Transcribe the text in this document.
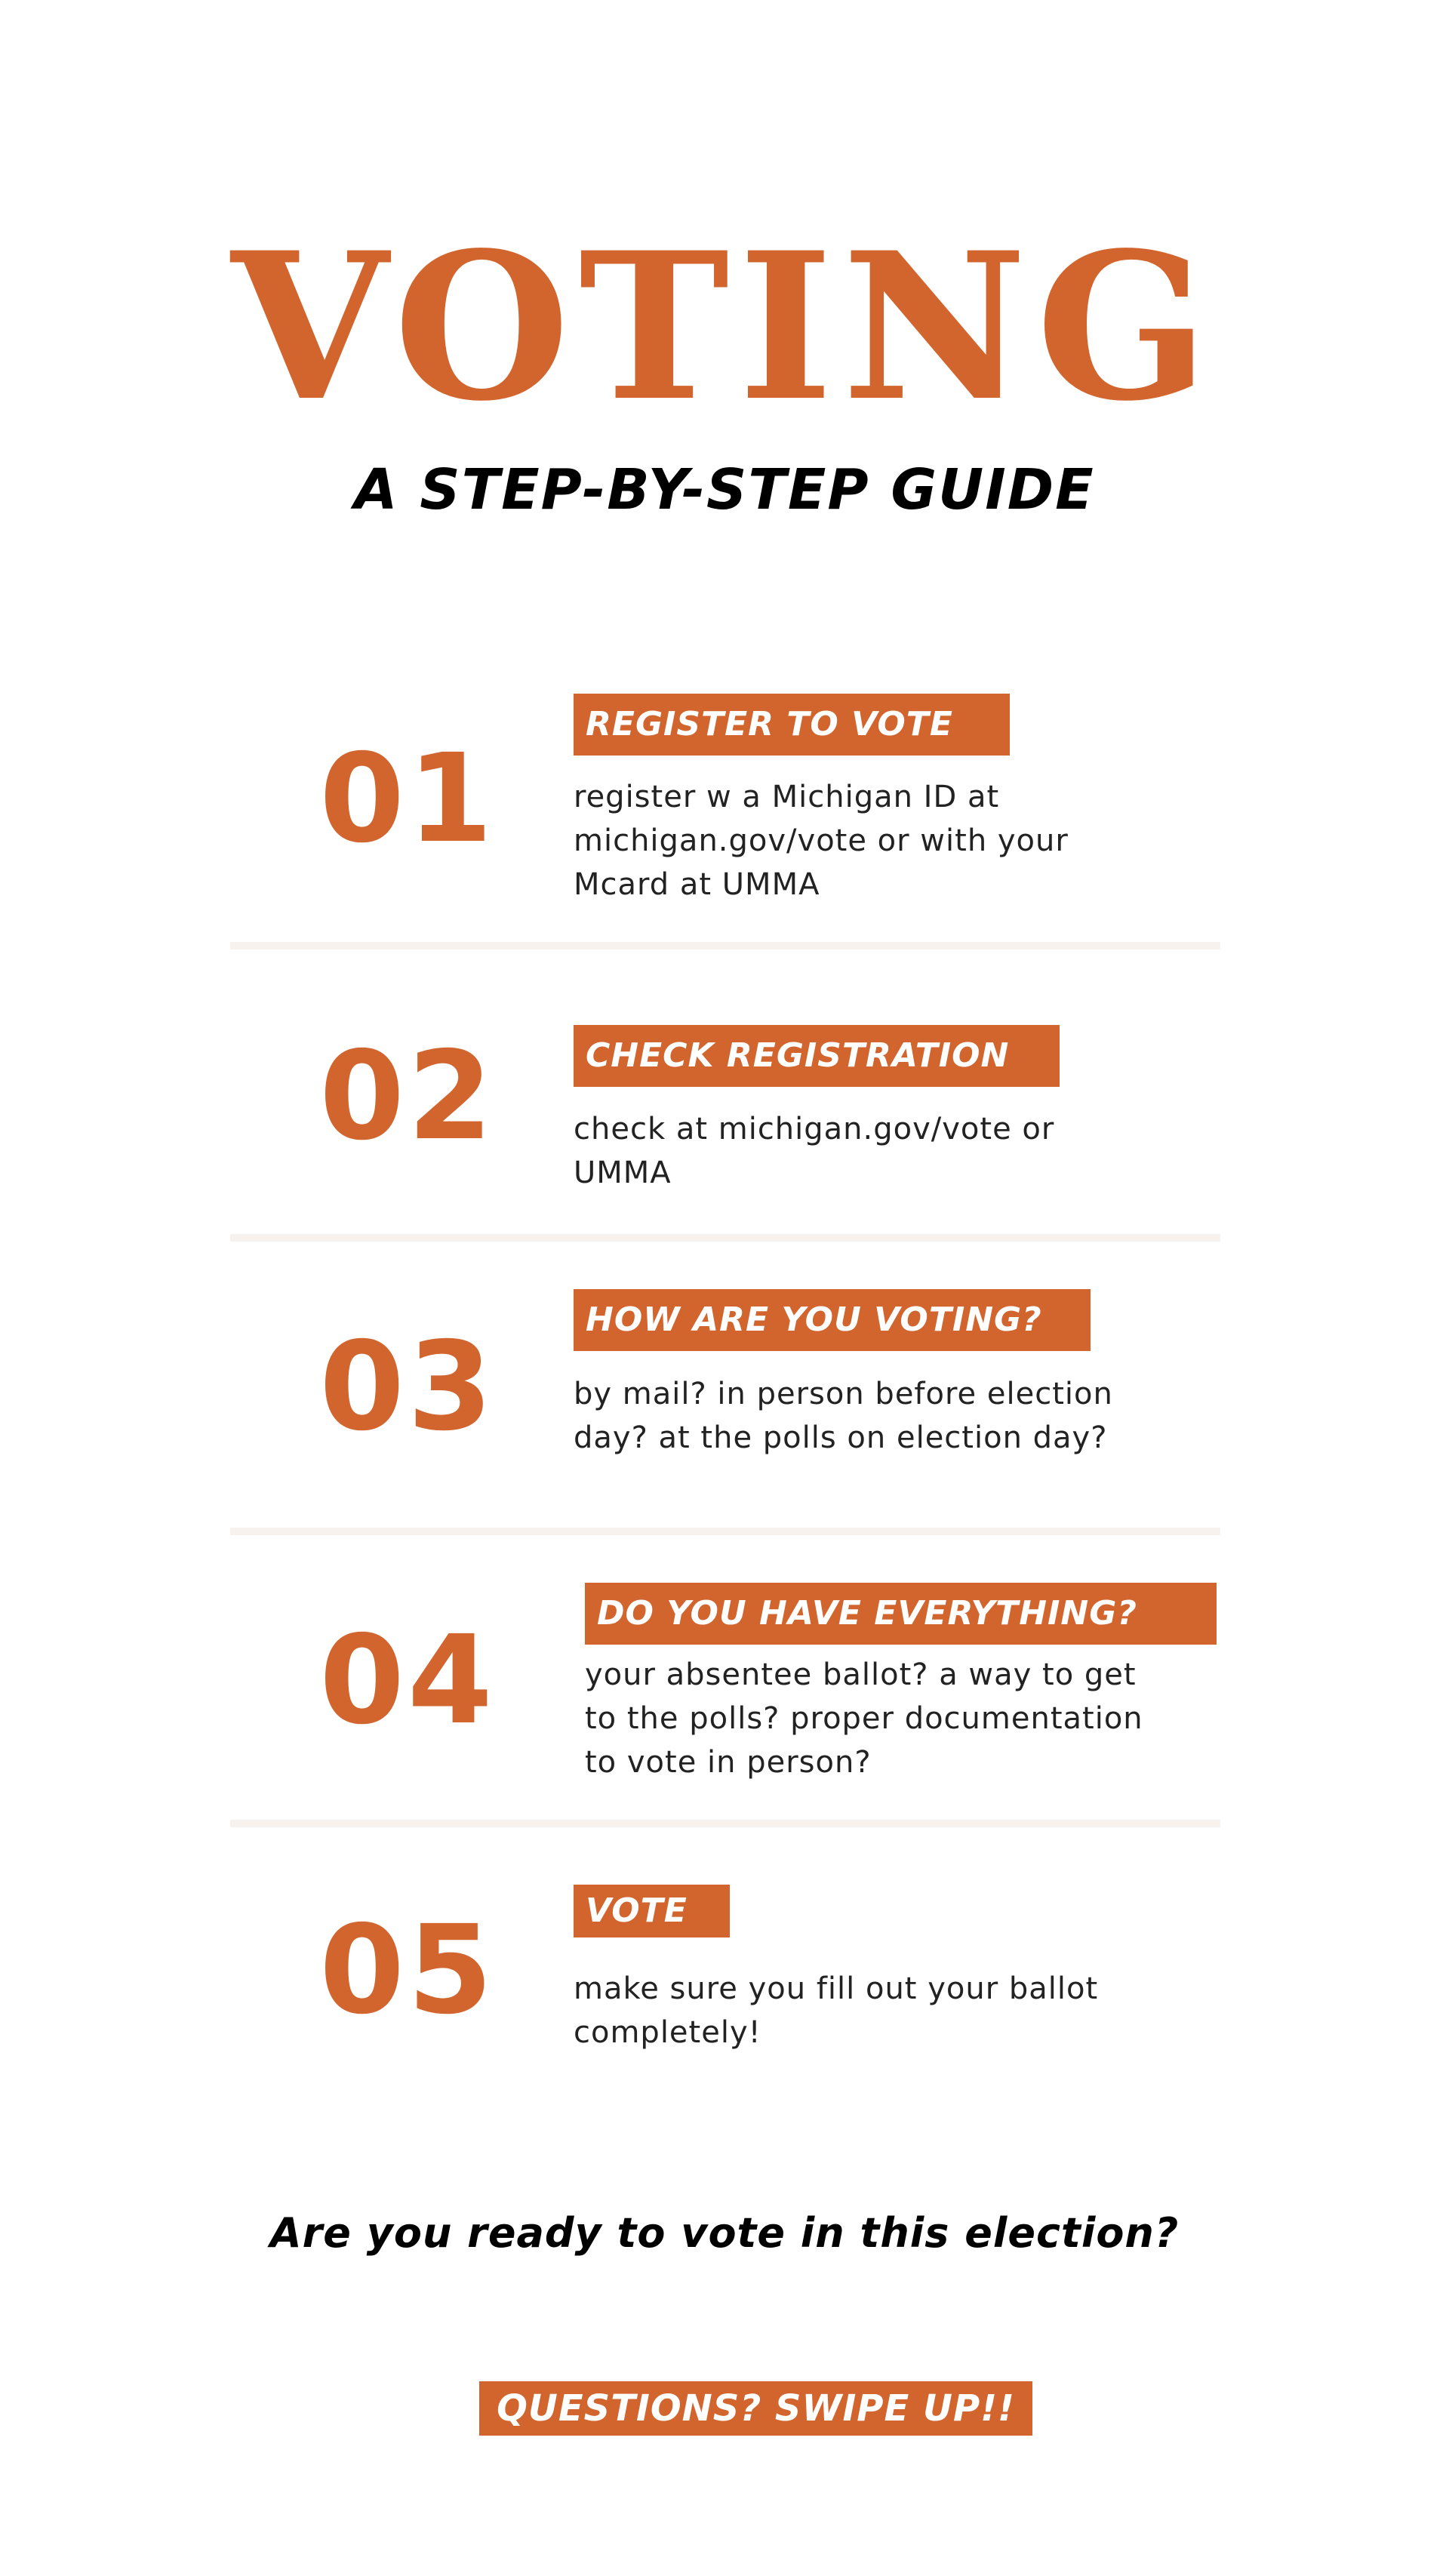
VOTING
A STEP-BY-STEP GUIDE
01
REGISTER TO VOTE
register w a Michigan ID at
michigan.gov/vote or with your
Mcard at UMMA
02	CHECK REGISTRATION
check at michigan.gov/vote or
UMMA
03	HOW ARE YOU VOTING?
by mail? in person before election
day? at the polls on election day?
04	DO YOU HAVE EVERYTHING?
your absentee ballot? a way to get
to the polls? proper documentation
to vote in person?
05	VOTE
make sure you fill out your ballot
completely!
Are you ready to vote in this election?
QUESTIONS? SWIPE UP!!
